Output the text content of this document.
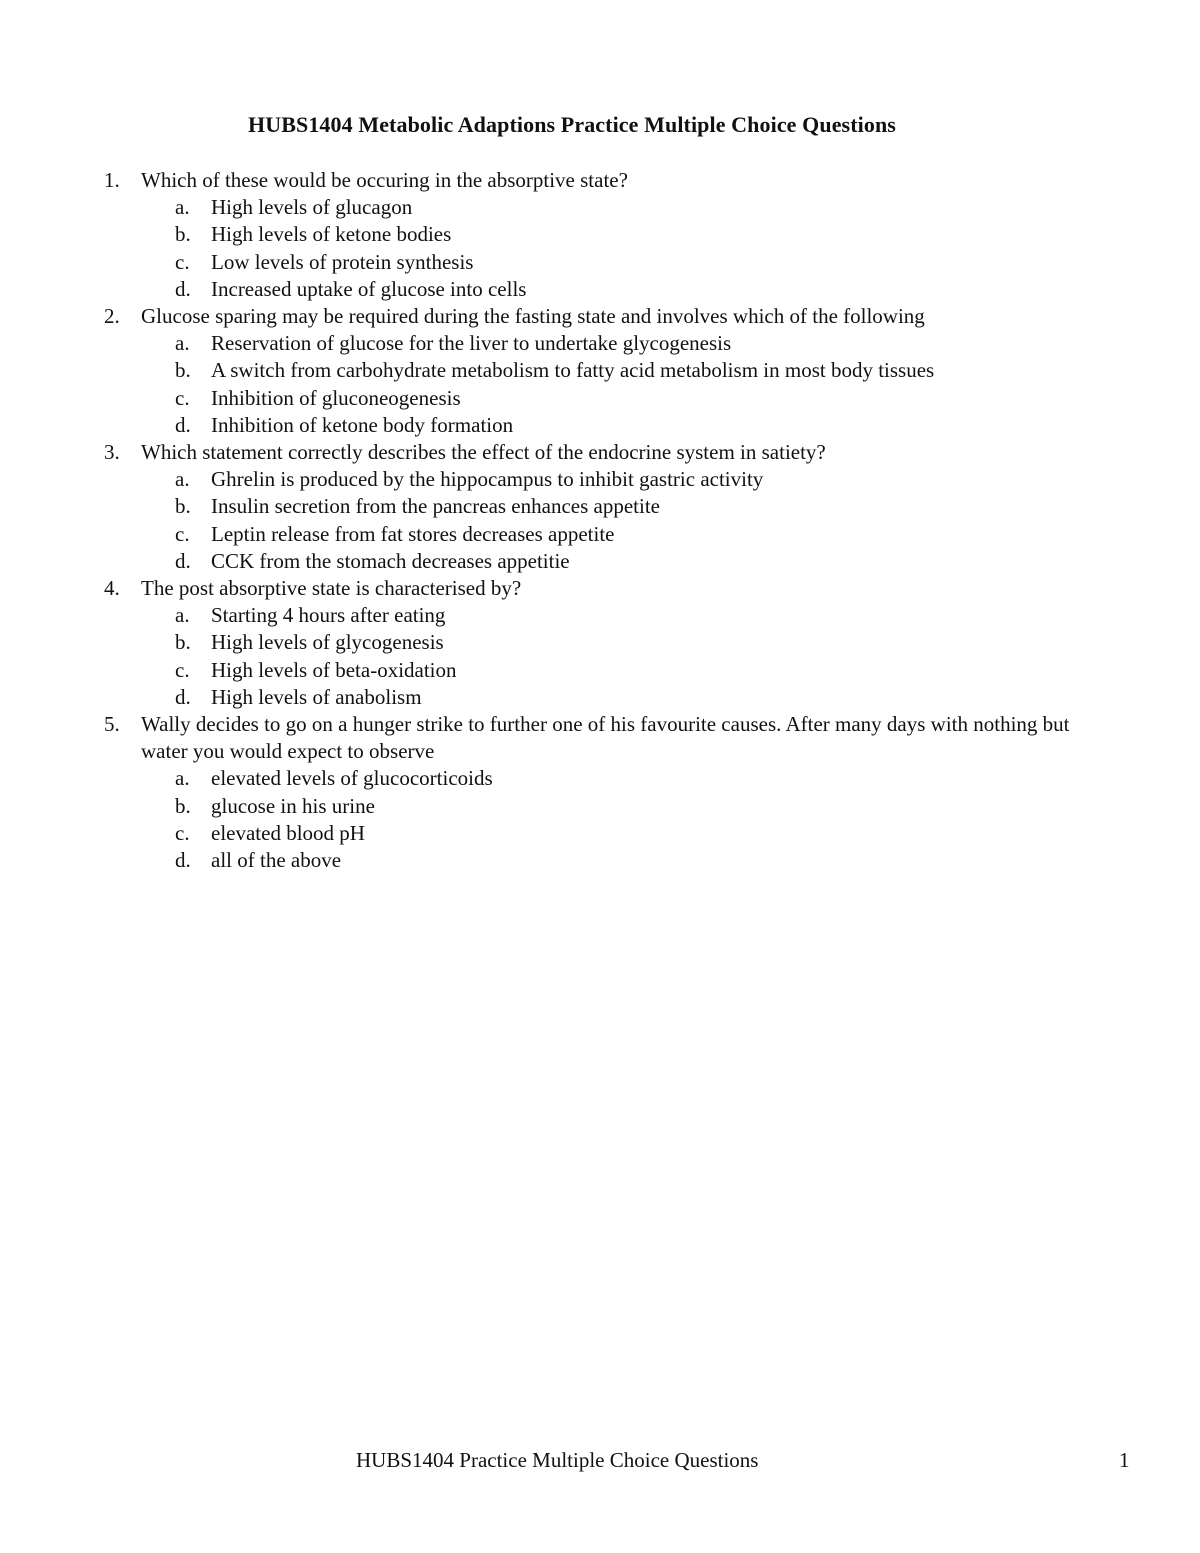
HUBS1404 Metabolic Adaptions Practice Multiple Choice Questions
1. Which of these would be occuring in the absorptive state?
a. High levels of glucagon
b. High levels of ketone bodies
c. Low levels of protein synthesis
d. Increased uptake of glucose into cells
2. Glucose sparing may be required during the fasting state and involves which of the following
a. Reservation of glucose for the liver to undertake glycogenesis
b. A switch from carbohydrate metabolism to fatty acid metabolism in most body tissues
c. Inhibition of gluconeogenesis
d. Inhibition of ketone body formation
3. Which statement correctly describes the effect of the endocrine system in satiety?
a. Ghrelin is produced by the hippocampus to inhibit gastric activity
b. Insulin secretion from the pancreas enhances appetite
c. Leptin release from fat stores decreases appetite
d. CCK from the stomach decreases appetitie
4. The post absorptive state is characterised by?
a. Starting 4 hours after eating
b. High levels of glycogenesis
c. High levels of beta-oxidation
d. High levels of anabolism
5. Wally decides to go on a hunger strike to further one of his favourite causes. After many days with nothing but water you would expect to observe
a. elevated levels of glucocorticoids
b. glucose in his urine
c. elevated blood pH
d. all of the above
HUBS1404 Practice Multiple Choice Questions	1
